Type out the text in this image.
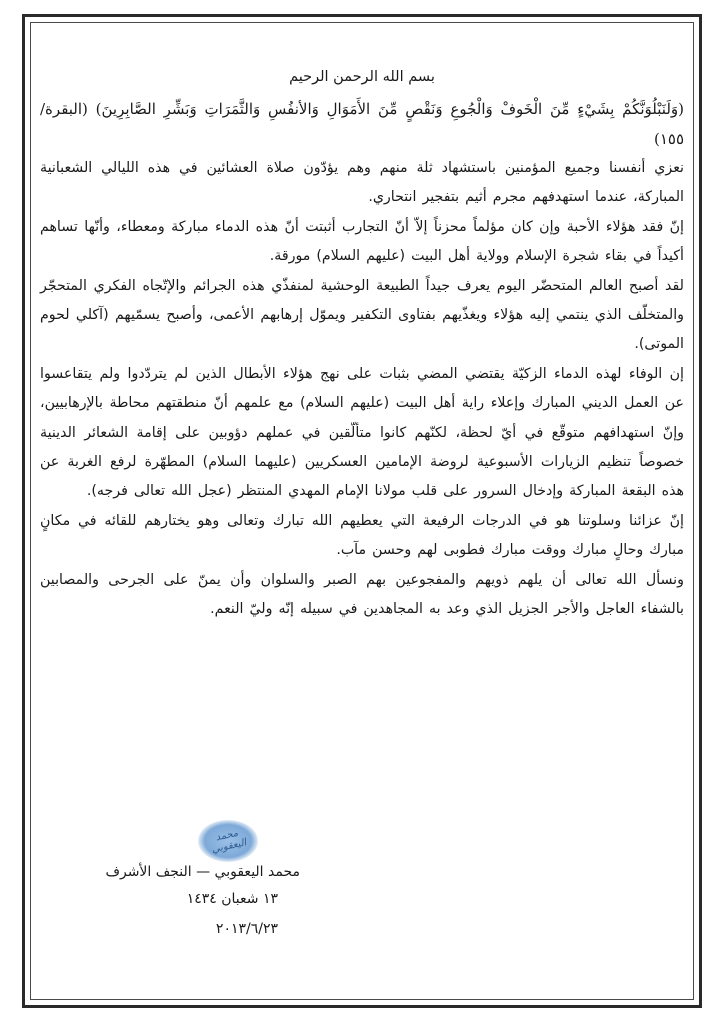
بسم الله الرحمن الرحيم

(وَلَنَبْلُوَنَّكُمْ بِشَيْءٍ مِّنَ الْخَوفْ وَالْجُوعِ وَنَقْصٍ مِّنَ الأَمَوَالِ وَالأنفُسِ وَالثَّمَرَاتِ وَبَشِّرِ الصَّابِرِينَ) (البقرة/١٥٥)

نعزي أنفسنا وجميع المؤمنين باستشهاد ثلة منهم وهم يؤدّون صلاة العشائين في هذه الليالي الشعبانية المباركة، عندما استهدفهم مجرم أثيم بتفجير انتحاري.

إنّ فقد هؤلاء الأحبة وإن كان مؤلماً محزناً إلاّ أنّ التجارب أثبتت أنّ هذه الدماء مباركة ومعطاء، وأنّها تساهم أكيداً في بقاء شجرة الإسلام وولاية أهل البيت (عليهم السلام) مورقة.

لقد أصبح العالم المتحضّر اليوم يعرف جيداً الطبيعة الوحشية لمنفذّي هذه الجرائم والإتّجاه الفكري المتحجّر والمتخلّف الذي ينتمي إليه هؤلاء ويغذّيهم بفتاوى التكفير ويموّل إرهابهم الأعمى، وأصبح يسمّيهم (آكلي لحوم الموتى).

إن الوفاء لهذه الدماء الزكيّة يقتضي المضي بثبات على نهج هؤلاء الأبطال الذين لم يتردّدوا ولم يتقاعسوا عن العمل الديني المبارك وإعلاء راية أهل البيت (عليهم السلام) مع علمهم أنّ منطقتهم محاطة بالإرهابيين، وإنّ استهدافهم متوقّع في أيّ لحظة، لكنّهم كانوا متألّقين في عملهم دؤوبين على إقامة الشعائر الدينية خصوصاً تنظيم الزيارات الأسبوعية لروضة الإمامين العسكريين (عليهما السلام) المطهّرة لرفع الغربة عن هذه البقعة المباركة وإدخال السرور على قلب مولانا الإمام المهدي المنتظر (عجل الله تعالى فرجه).

إنّ عزائنا وسلوتنا هو في الدرجات الرفيعة التي يعطيهم الله تبارك وتعالى وهو يختارهم للقائه في مكانٍ مبارك وحالٍ مبارك ووقت مبارك فطوبى لهم وحسن مآب.

ونسأل الله تعالى أن يلهم ذويهم والمفجوعين بهم الصبر والسلوان وأن يمنّ على الجرحى والمصابين بالشفاء العاجل والأجر الجزيل الذي وعد به المجاهدين في سبيله إنّه وليّ النعم.

محمد اليعقوبي
محمد اليعقوبي — النجف الأشرف
١٣ شعبان ١٤٣٤
٢٠١٣/٦/٢٣
